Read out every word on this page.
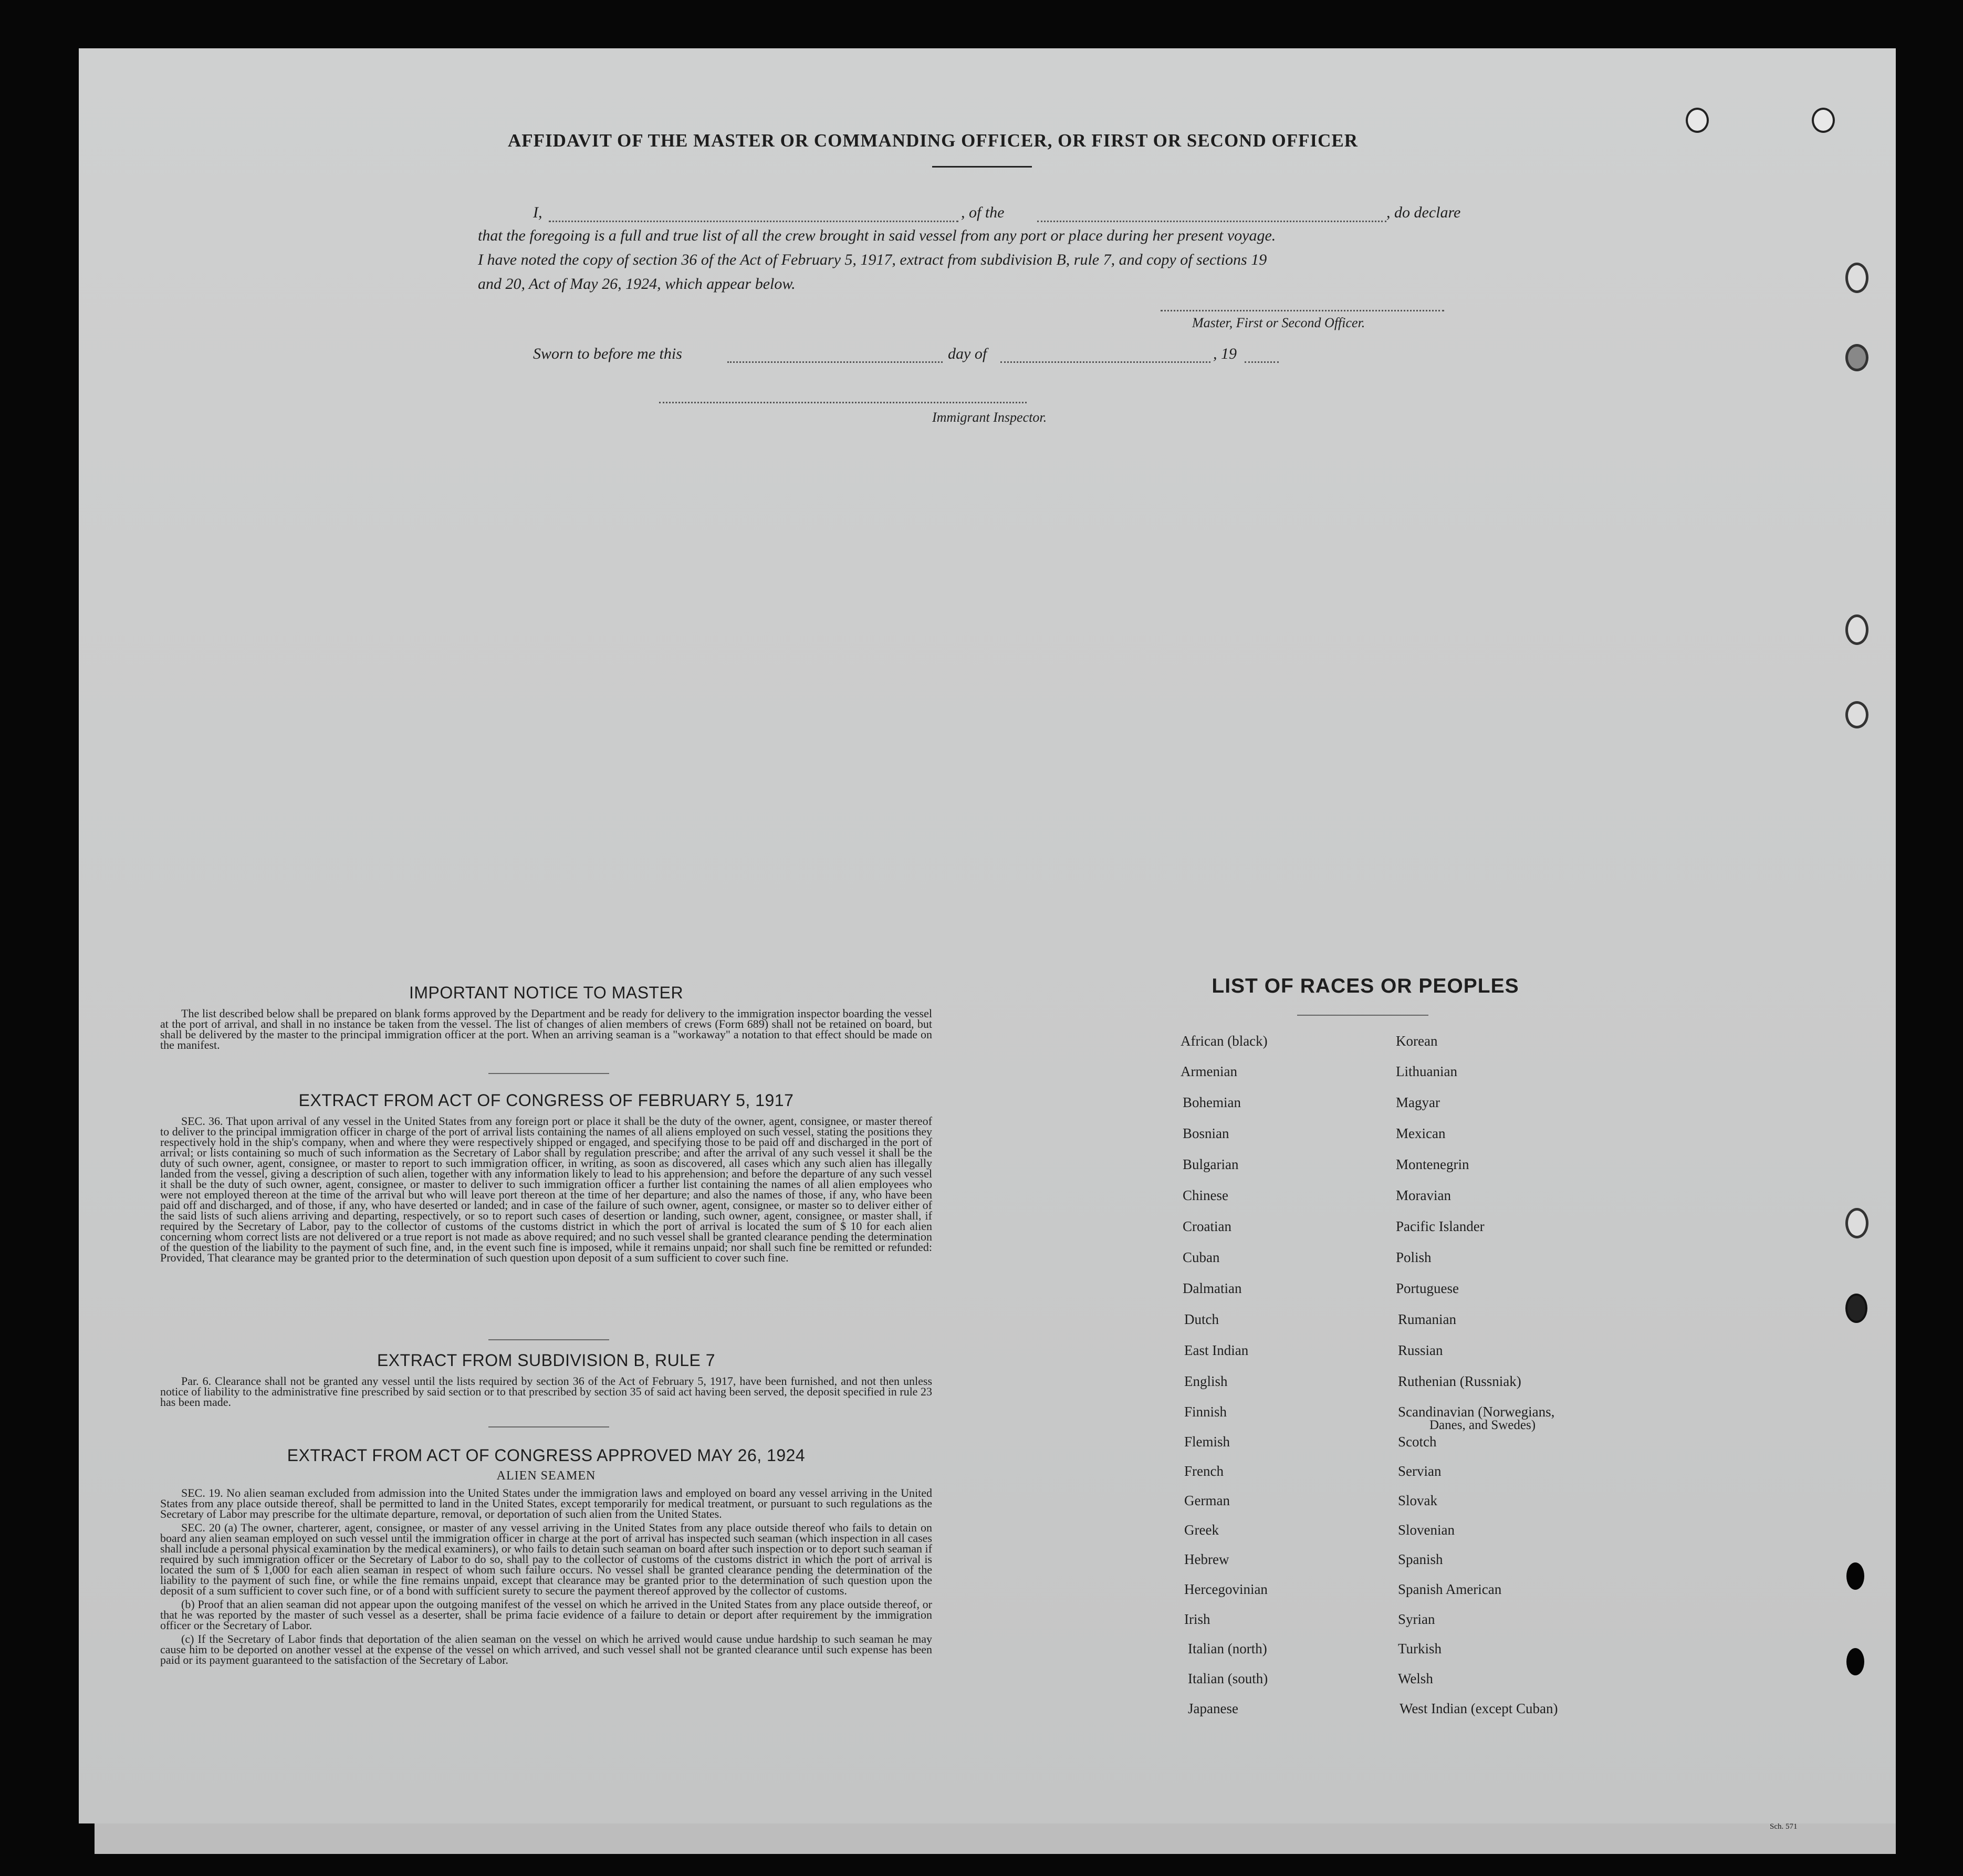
AFFIDAVIT OF THE MASTER OR COMMANDING OFFICER, OR FIRST OR SECOND OFFICER
I,	, of the	, do declare
that the foregoing is a full and true list of all the crew brought in said vessel from any port or place during her present voyage.
I have noted the copy of section 36 of the Act of February 5, 1917, extract from subdivision B, rule 7, and copy of sections 19
and 20, Act of May 26, 1924, which appear below.
Master, First or Second Officer.
Sworn to before me this	day of	, 19
Immigrant Inspector.
IMPORTANT NOTICE TO MASTER

The list described below shall be prepared on blank forms approved by the Department and be ready for delivery to the immigration inspector boarding the vessel at the port of arrival, and shall in no instance be taken from the vessel. The list of changes of alien members of crews (Form 689) shall not be retained on board, but shall be delivered by the master to the principal immigration officer at the port. When an arriving seaman is a "workaway" a notation to that effect should be made on the manifest.

EXTRACT FROM ACT OF CONGRESS OF FEBRUARY 5, 1917

SEC. 36. That upon arrival of any vessel in the United States from any foreign port or place it shall be the duty of the owner, agent, consignee, or master thereof to deliver to the principal immigration officer in charge of the port of arrival lists containing the names of all aliens employed on such vessel, stating the positions they respectively hold in the ship's company, when and where they were respectively shipped or engaged, and specifying those to be paid off and discharged in the port of arrival; or lists containing so much of such information as the Secretary of Labor shall by regulation prescribe; and after the arrival of any such vessel it shall be the duty of such owner, agent, consignee, or master to report to such immigration officer, in writing, as soon as discovered, all cases which any such alien has illegally landed from the vessel, giving a description of such alien, together with any information likely to lead to his apprehension; and before the departure of any such vessel it shall be the duty of such owner, agent, consignee, or master to deliver to such immigration officer a further list containing the names of all alien employees who were not employed thereon at the time of the arrival but who will leave port thereon at the time of her departure; and also the names of those, if any, who have been paid off and discharged, and of those, if any, who have deserted or landed; and in case of the failure of such owner, agent, consignee, or master so to deliver either of the said lists of such aliens arriving and departing, respectively, or so to report such cases of desertion or landing, such owner, agent, consignee, or master shall, if required by the Secretary of Labor, pay to the collector of customs of the customs district in which the port of arrival is located the sum of $ 10 for each alien concerning whom correct lists are not delivered or a true report is not made as above required; and no such vessel shall be granted clearance pending the determination of the question of the liability to the payment of such fine, and, in the event such fine is imposed, while it remains unpaid; nor shall such fine be remitted or refunded: Provided, That clearance may be granted prior to the determination of such question upon deposit of a sum sufficient to cover such fine.

EXTRACT FROM SUBDIVISION B, RULE 7

Par. 6. Clearance shall not be granted any vessel until the lists required by section 36 of the Act of February 5, 1917, have been furnished, and not then unless notice of liability to the administrative fine prescribed by said section or to that prescribed by section 35 of said act having been served, the deposit specified in rule 23 has been made.

EXTRACT FROM ACT OF CONGRESS APPROVED MAY 26, 1924
ALIEN SEAMEN

SEC. 19. No alien seaman excluded from admission into the United States under the immigration laws and employed on board any vessel arriving in the United States from any place outside thereof, shall be permitted to land in the United States, except temporarily for medical treatment, or pursuant to such regulations as the Secretary of Labor may prescribe for the ultimate departure, removal, or deportation of such alien from the United States.

SEC. 20 (a) The owner, charterer, agent, consignee, or master of any vessel arriving in the United States from any place outside thereof who fails to detain on board any alien seaman employed on such vessel until the immigration officer in charge at the port of arrival has inspected such seaman (which inspection in all cases shall include a personal physical examination by the medical examiners), or who fails to detain such seaman on board after such inspection or to deport such seaman if required by such immigration officer or the Secretary of Labor to do so, shall pay to the collector of customs of the customs district in which the port of arrival is located the sum of $ 1,000 for each alien seaman in respect of whom such failure occurs. No vessel shall be granted clearance pending the determination of the liability to the payment of such fine, or while the fine remains unpaid, except that clearance may be granted prior to the determination of such question upon the deposit of a sum sufficient to cover such fine, or of a bond with sufficient surety to secure the payment thereof approved by the collector of customs.

(b) Proof that an alien seaman did not appear upon the outgoing manifest of the vessel on which he arrived in the United States from any place outside thereof, or that he was reported by the master of such vessel as a deserter, shall be prima facie evidence of a failure to detain or deport after requirement by the immigration officer or the Secretary of Labor.

(c) If the Secretary of Labor finds that deportation of the alien seaman on the vessel on which he arrived would cause undue hardship to such seaman he may cause him to be deported on another vessel at the expense of the vessel on which arrived, and such vessel shall not be granted clearance until such expense has been paid or its payment guaranteed to the satisfaction of the Secretary of Labor.

LIST OF RACES OR PEOPLES
African (black)
Armenian
Bohemian
Bosnian
Bulgarian
Chinese
Croatian
Cuban
Dalmatian
Dutch
East Indian
English
Finnish
Flemish
French
German
Greek
Hebrew
Hercegovinian
Irish
Italian (north)
Italian (south)
Japanese
Korean
Lithuanian
Magyar
Mexican
Montenegrin
Moravian
Pacific Islander
Polish
Portuguese
Rumanian
Russian
Ruthenian (Russniak)
Scandinavian (Norwegians,
Danes, and Swedes)
Scotch
Servian
Slovak
Slovenian
Spanish
Spanish American
Syrian
Turkish
Welsh
West Indian (except Cuban)
Sch. 571
